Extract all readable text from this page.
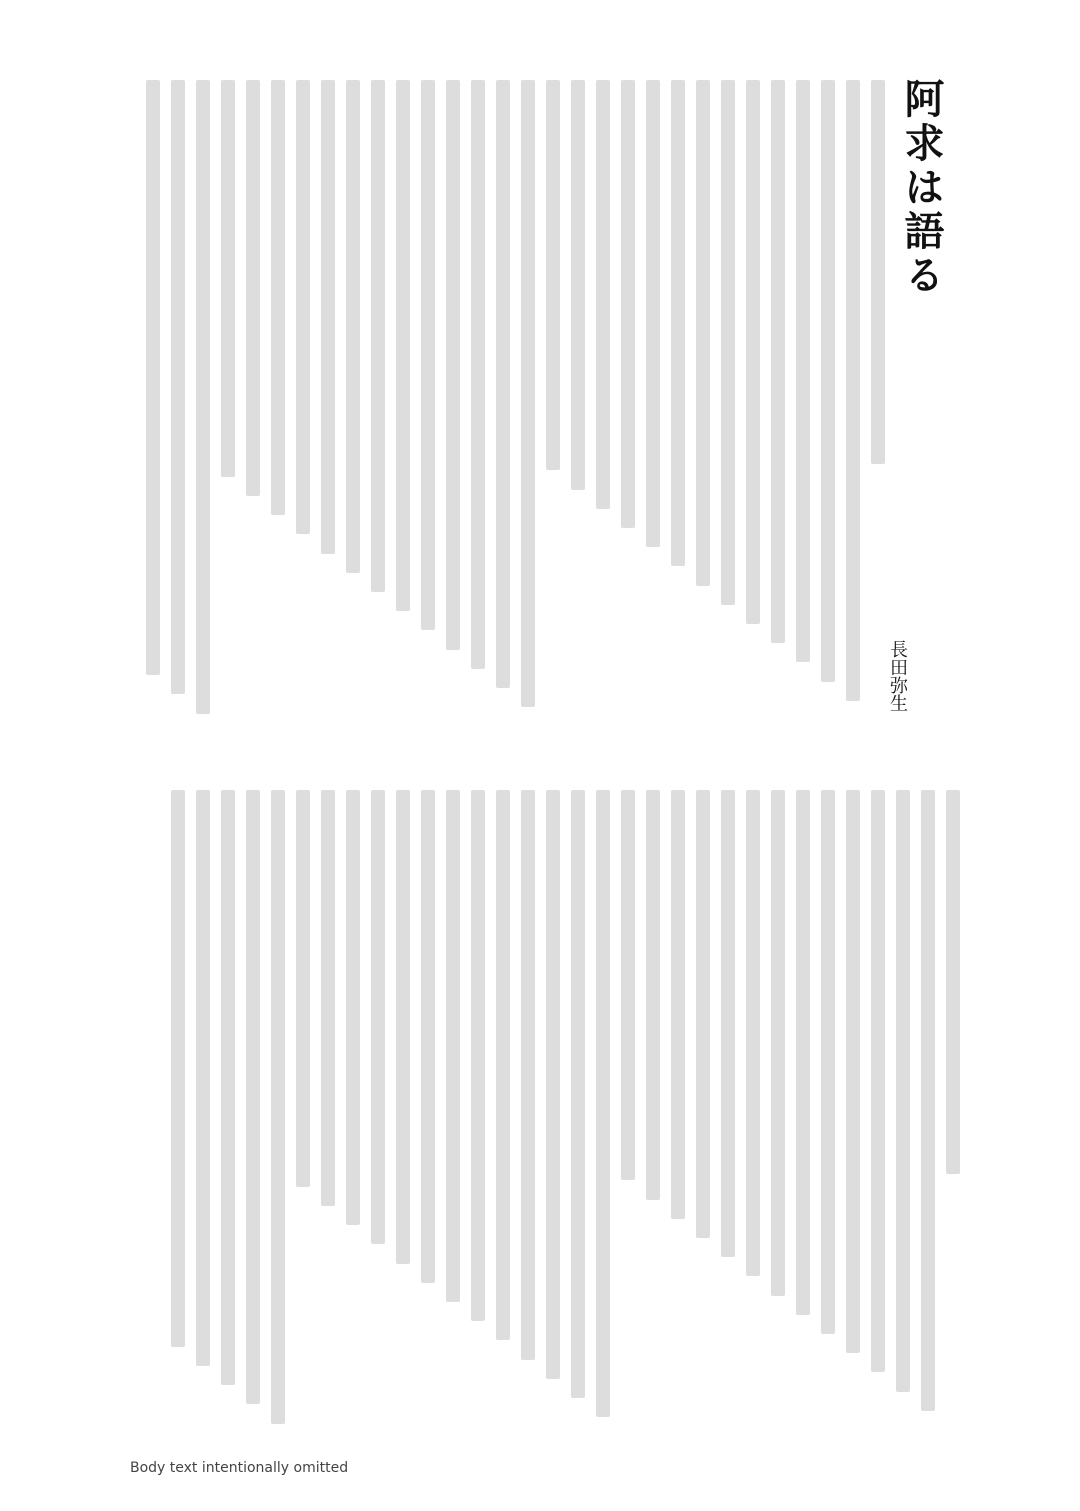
阿求は語る
長田弥生
Body text intentionally omitted
